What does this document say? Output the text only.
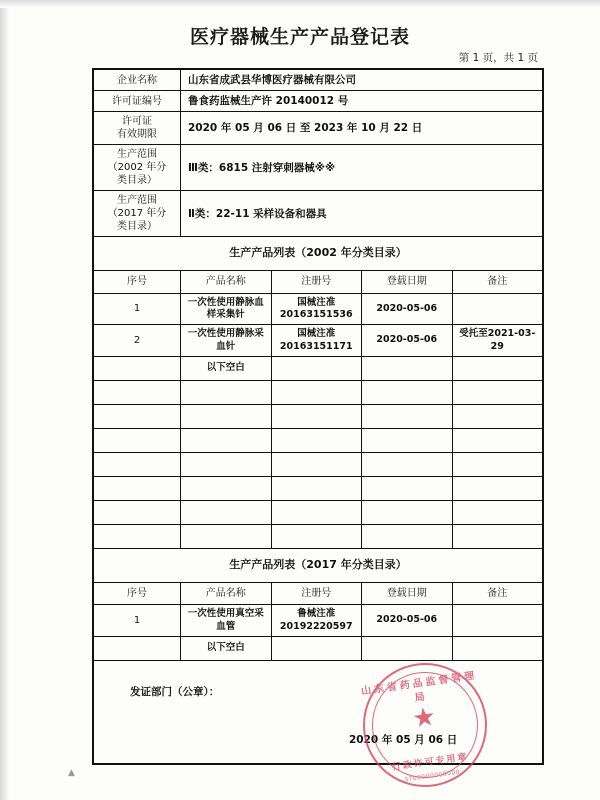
医疗器械生产产品登记表
第 1 页，共 1 页
企业名称	山东省成武县华博医疗器械有限公司			
许可证编号	鲁食药监械生产许 20140012 号			

许可证
有效期限	2020 年 05 月 06 日 至 2023 年 10 月 22 日			

生产范围
（2002 年分
类目录）	Ⅲ类：6815 注射穿刺器械※※			

生产范围
（2017 年分
类目录）	Ⅱ类：22-11 采样设备和器具			
生产产品列表（2002 年分类目录）				
序号	产品名称	注册号	登载日期	备注
1	一次性使用静脉血样采集针	国械注准20163151536	2020-05-06	
2	一次性使用静脉采血针	国械注准20163151171	2020-05-06	受托至2021-03-29
	以下空白			

生产产品列表（2017 年分类目录）				
序号	产品名称	注册号	登载日期	备注
1	一次性使用真空采血管	鲁械注准20192220597	2020-05-06	
	以下空白			

发证部门（公章）：
2020 年 05 月 06 日
山东省药品监督管理局
★
行政许可专用章
3700000000000
▲
